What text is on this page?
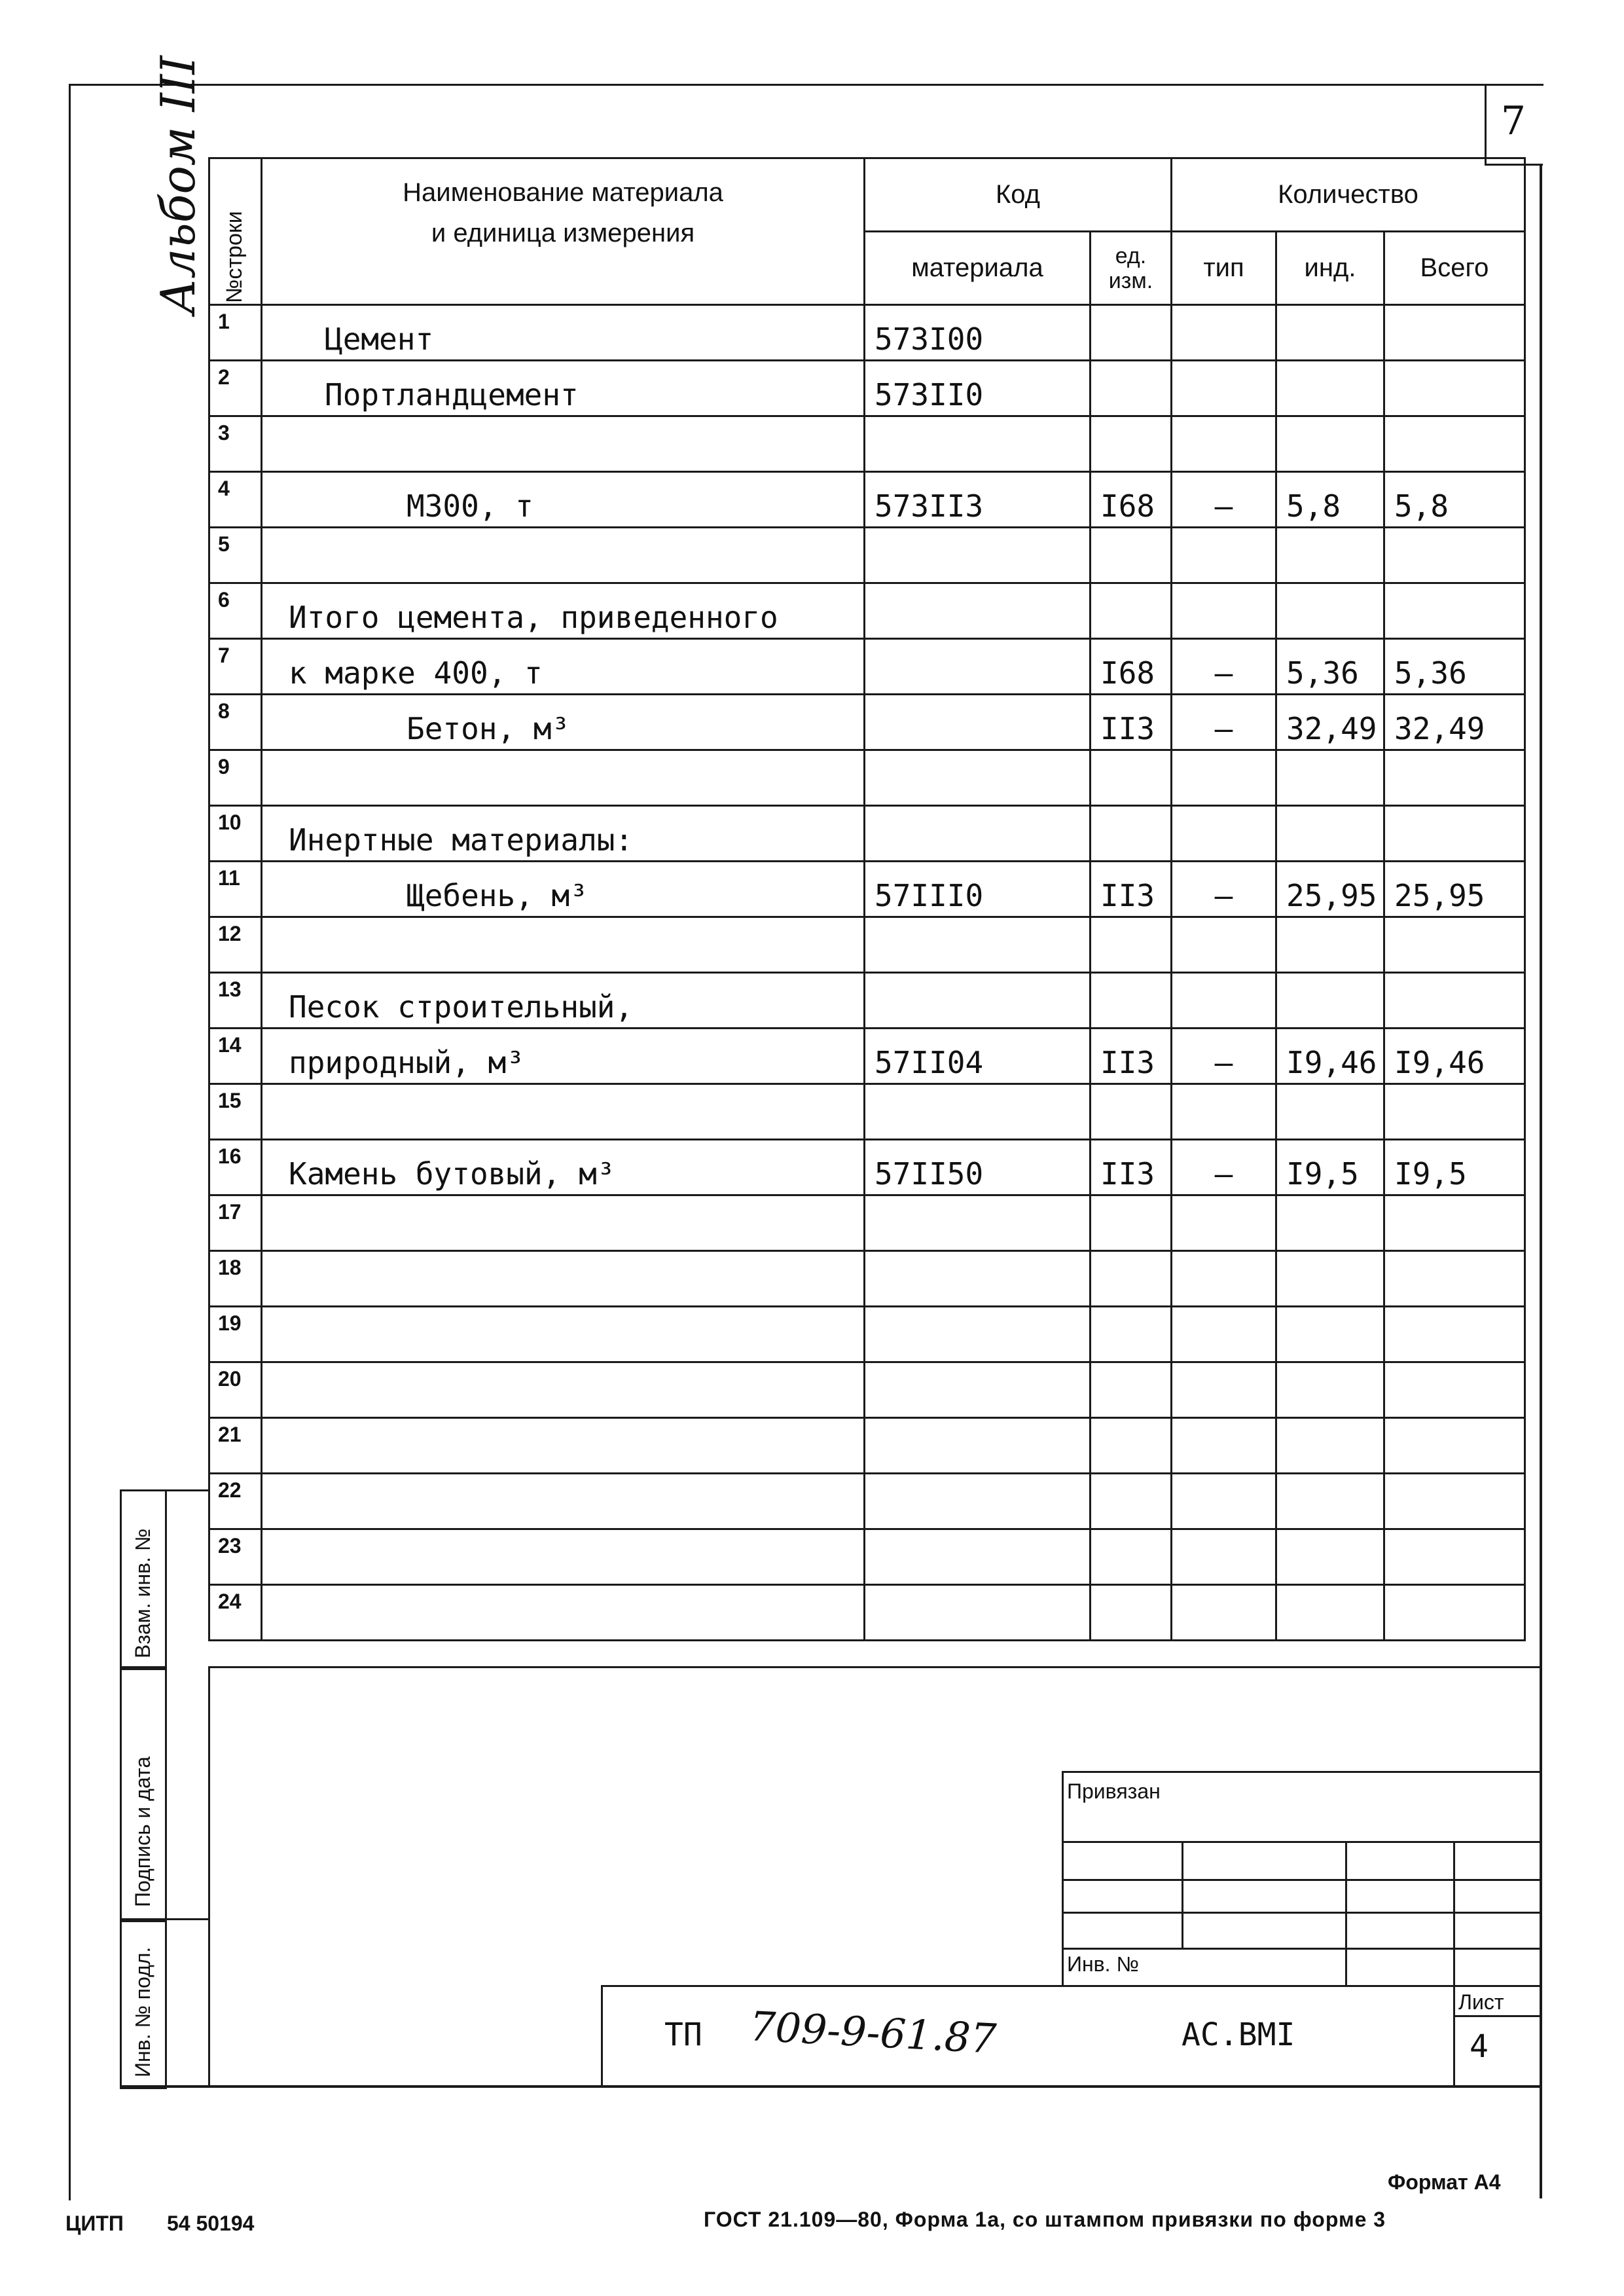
7
Альбом III №строки	Наименование материала
и единица измерения	Код		Количество		
		материала	ед.
изм.	тип	инд.	Всего
1	Цемент	573I00				
2	Портландцемент	573II0				
3						
4	М300, т	573II3	I68	–	5,8	5,8
5						
6	Итого цемента, приведенного					
7	к марке 400, т		I68	–	5,36	5,36
8	Бетон, м³		II3	–	32,49	32,49
9						
10	Инертные материалы:					
11	Щебень, м³	57III0	II3	–	25,95	25,95
12						
13	Песок строительный,					
14	природный, м³	57II04	II3	–	I9,46	I9,46
15						
16	Камень бутовый, м³	57II50	II3	–	I9,5	I9,5
17						
18						
19						
20						
21						
22						
23						
24						
Взам. инв. №
Подпись и дата
Инв. № подл.
Привязан
Инв. №
Лист
4
ТП 709-9-61.87	АС.ВМI
Формат А4
ЦИТП 54 50194	ГОСТ 21.109—80, Форма 1а, со штампом привязки по форме 3
